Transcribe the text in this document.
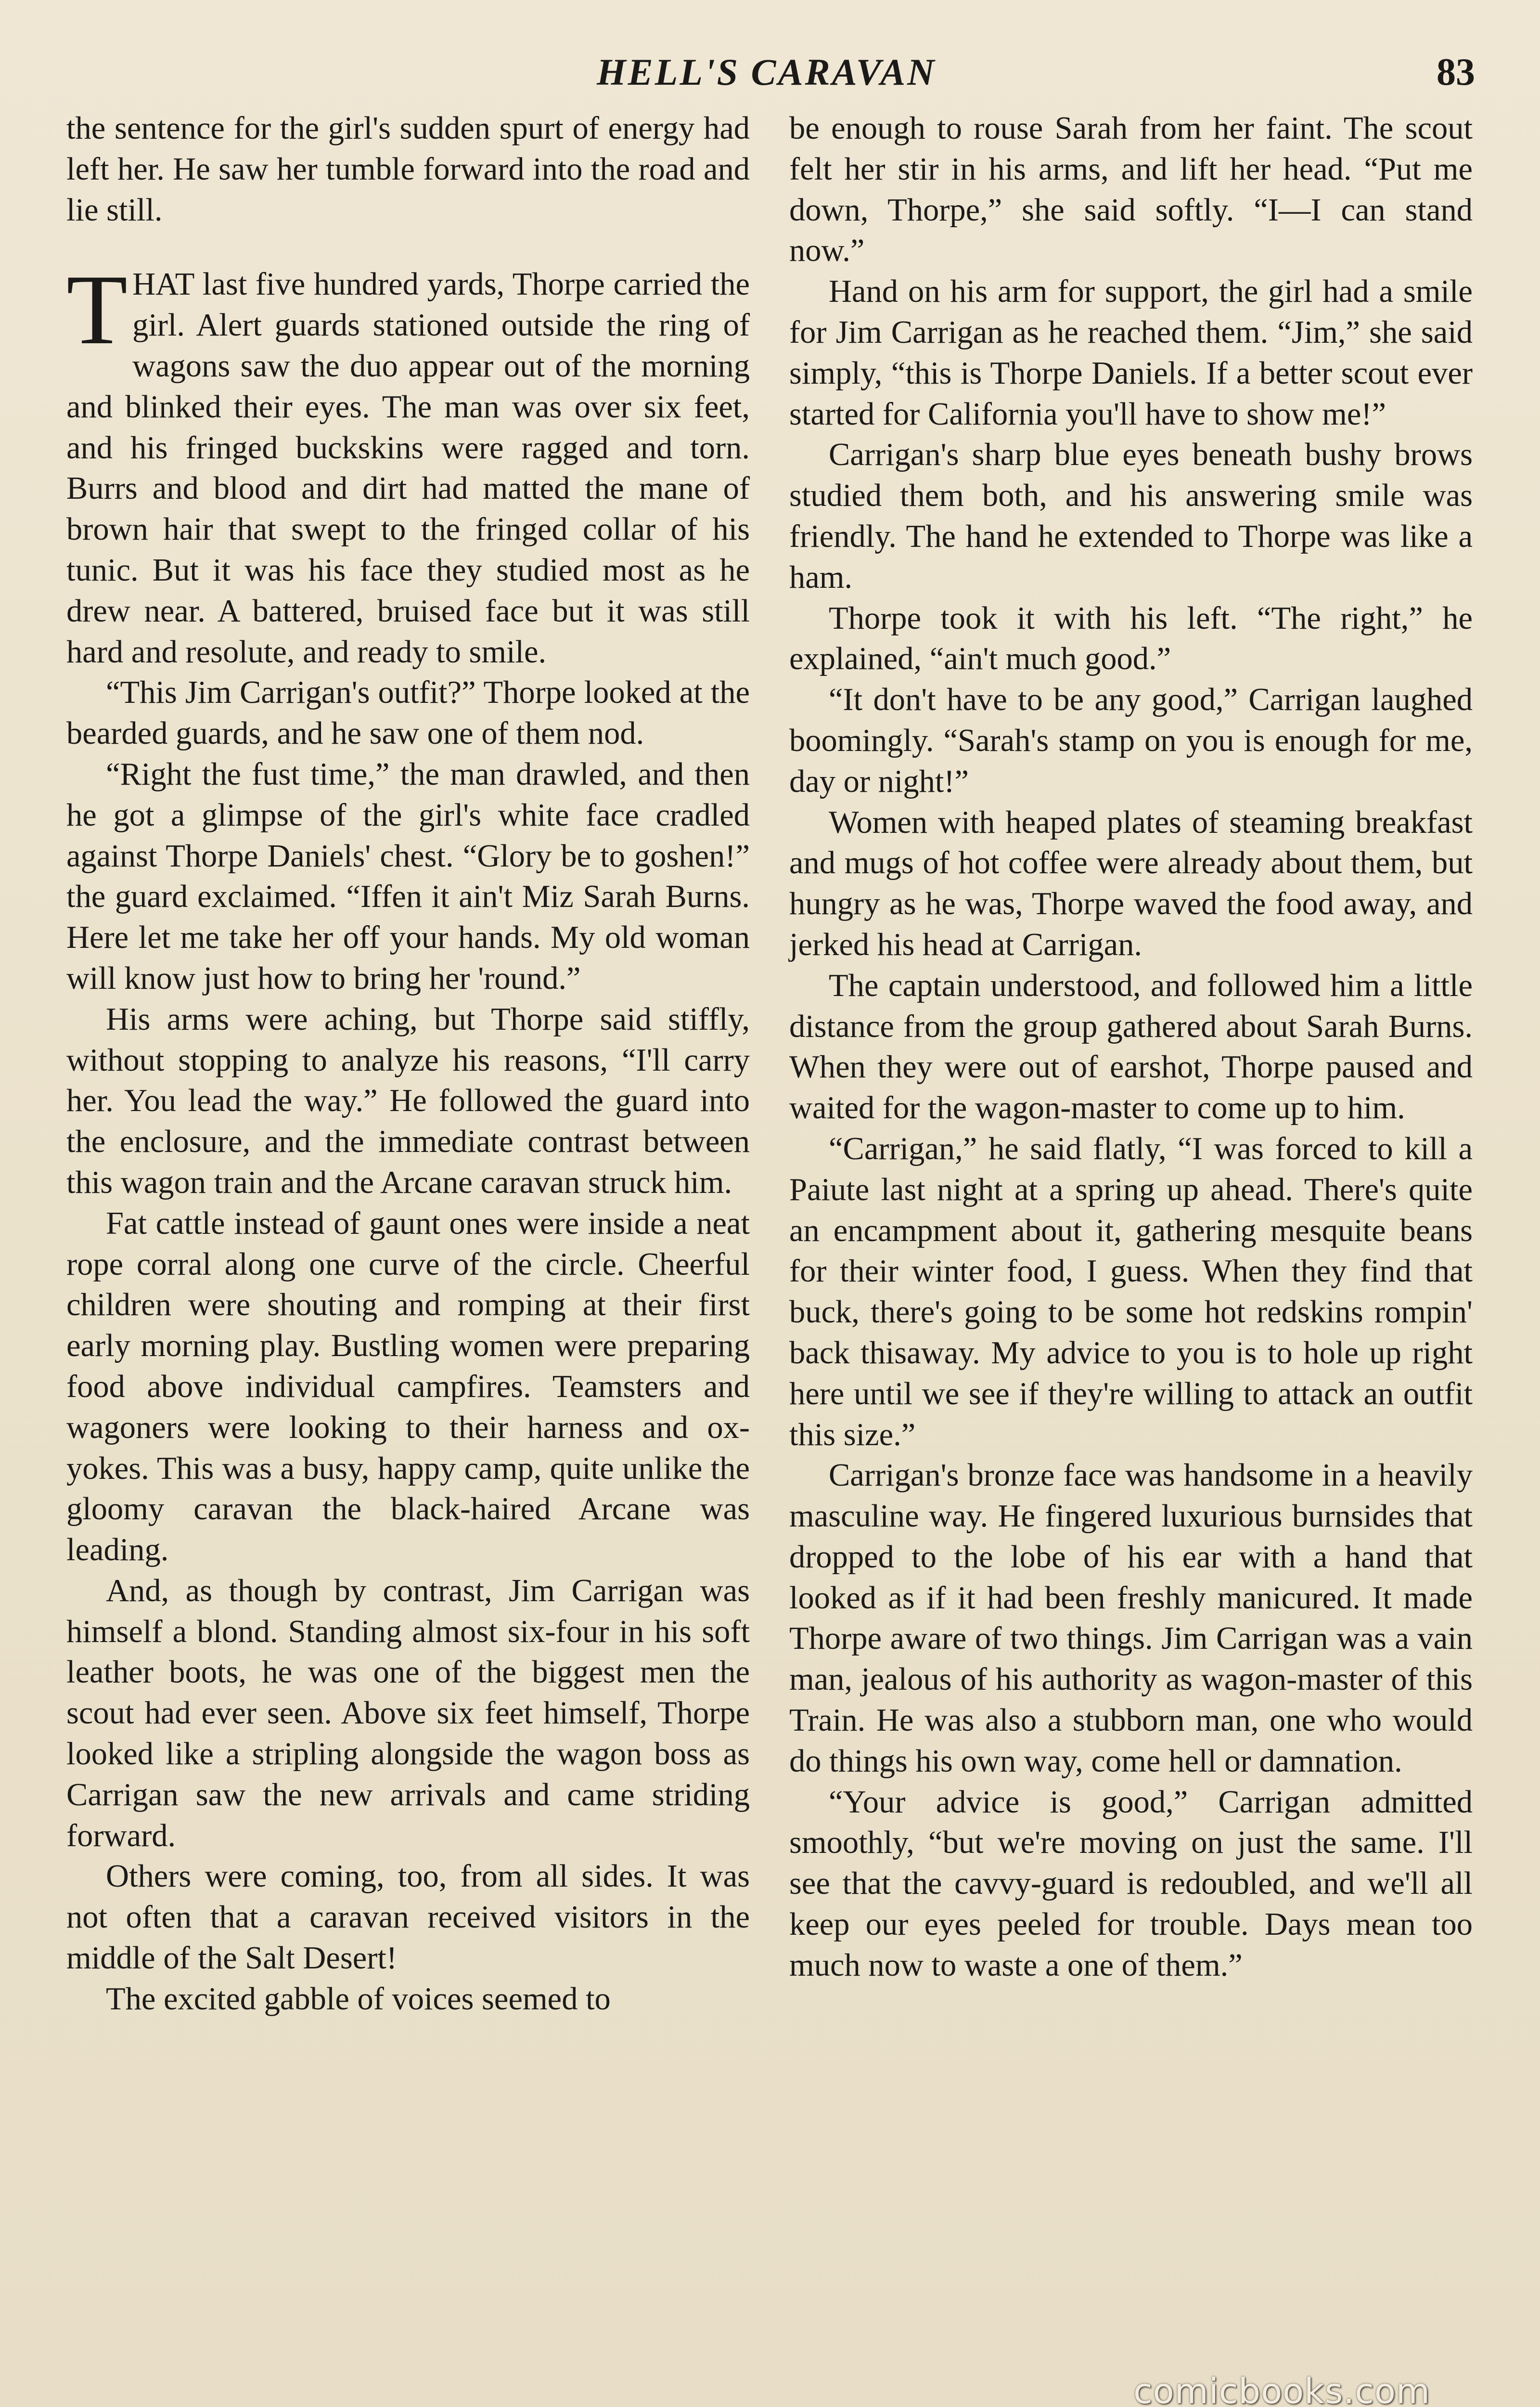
HELL'S CARAVAN	83

the sentence for the girl's sudden spurt of energy had left her. He saw her tumble forward into the road and lie still.

THAT last five hundred yards, Thorpe carried the girl. Alert guards stationed outside the ring of wagons saw the duo appear out of the morning and blinked their eyes. The man was over six feet, and his fringed buckskins were ragged and torn. Burrs and blood and dirt had matted the mane of brown hair that swept to the fringed collar of his tunic. But it was his face they studied most as he drew near. A battered, bruised face but it was still hard and resolute, and ready to smile.

“This Jim Carrigan's outfit?” Thorpe looked at the bearded guards, and he saw one of them nod.

“Right the fust time,” the man drawled, and then he got a glimpse of the girl's white face cradled against Thorpe Daniels' chest. “Glory be to goshen!” the guard exclaimed. “Iffen it ain't Miz Sarah Burns. Here let me take her off your hands. My old woman will know just how to bring her 'round.”

His arms were aching, but Thorpe said stiffly, without stopping to analyze his reasons, “I'll carry her. You lead the way.” He followed the guard into the enclosure, and the immediate contrast between this wagon train and the Arcane caravan struck him.

Fat cattle instead of gaunt ones were inside a neat rope corral along one curve of the circle. Cheerful children were shouting and romping at their first early morning play. Bustling women were preparing food above individual campfires. Teamsters and wagoners were looking to their harness and ox-yokes. This was a busy, happy camp, quite unlike the gloomy caravan the black-haired Arcane was leading.

And, as though by contrast, Jim Carrigan was himself a blond. Standing almost six-four in his soft leather boots, he was one of the biggest men the scout had ever seen. Above six feet himself, Thorpe looked like a stripling alongside the wagon boss as Carrigan saw the new arrivals and came striding forward.

Others were coming, too, from all sides. It was not often that a caravan received visitors in the middle of the Salt Desert!

The excited gabble of voices seemed to

be enough to rouse Sarah from her faint. The scout felt her stir in his arms, and lift her head. “Put me down, Thorpe,” she said softly. “I—I can stand now.”

Hand on his arm for support, the girl had a smile for Jim Carrigan as he reached them. “Jim,” she said simply, “this is Thorpe Daniels. If a better scout ever started for California you'll have to show me!”

Carrigan's sharp blue eyes beneath bushy brows studied them both, and his answering smile was friendly. The hand he extended to Thorpe was like a ham.

Thorpe took it with his left. “The right,” he explained, “ain't much good.”

“It don't have to be any good,” Carrigan laughed boomingly. “Sarah's stamp on you is enough for me, day or night!”

Women with heaped plates of steaming breakfast and mugs of hot coffee were already about them, but hungry as he was, Thorpe waved the food away, and jerked his head at Carrigan.

The captain understood, and followed him a little distance from the group gathered about Sarah Burns. When they were out of earshot, Thorpe paused and waited for the wagon-master to come up to him.

“Carrigan,” he said flatly, “I was forced to kill a Paiute last night at a spring up ahead. There's quite an encampment about it, gathering mesquite beans for their winter food, I guess. When they find that buck, there's going to be some hot redskins rompin' back thisaway. My advice to you is to hole up right here until we see if they're willing to attack an outfit this size.”

Carrigan's bronze face was handsome in a heavily masculine way. He fingered luxurious burnsides that dropped to the lobe of his ear with a hand that looked as if it had been freshly manicured. It made Thorpe aware of two things. Jim Carrigan was a vain man, jealous of his authority as wagon-master of this Train. He was also a stubborn man, one who would do things his own way, come hell or damnation.

“Your advice is good,” Carrigan admitted smoothly, “but we're moving on just the same. I'll see that the cavvy-guard is redoubled, and we'll all keep our eyes peeled for trouble. Days mean too much now to waste a one of them.”

comicbooks.com
